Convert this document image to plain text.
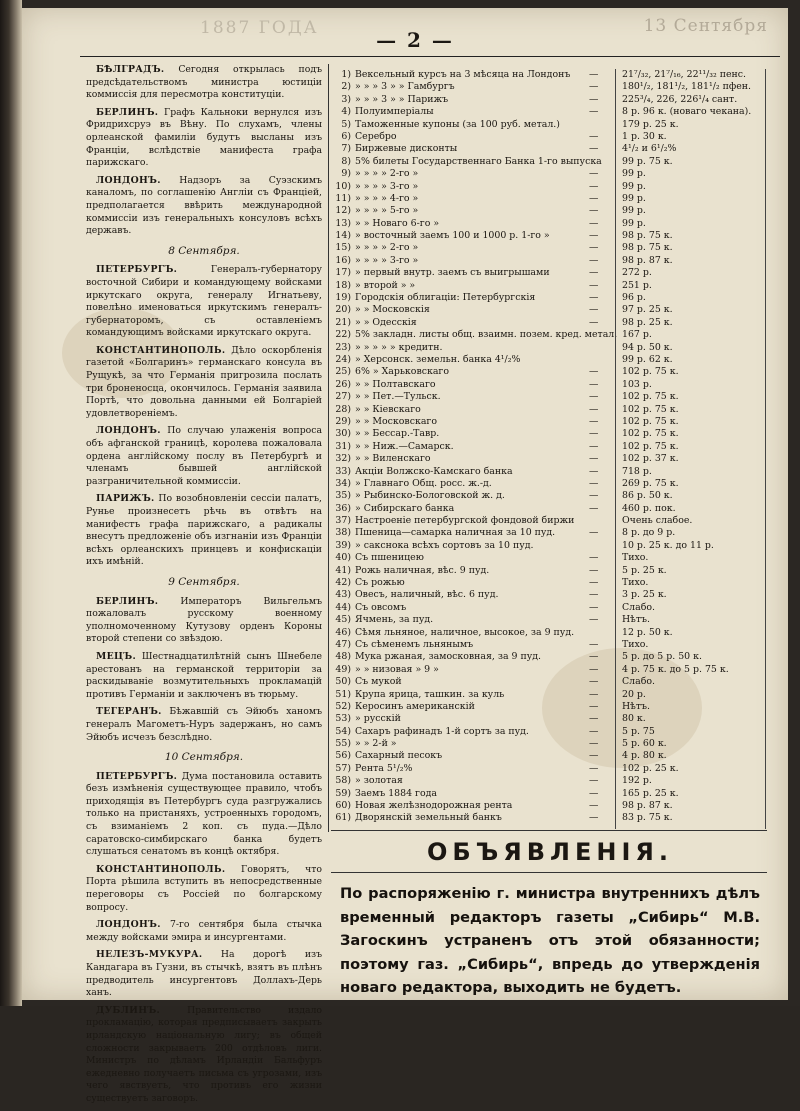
1887 ГОДА	13 Сентября
— 2 —

БѢЛГРАДЪ. Сегодня открылась подъ предсѣдательствомъ министра юстиціи коммиссія для пересмотра конституціи.

БЕРЛИНЪ. Графъ Кальноки вернулся изъ Фридрихсруэ въ Вѣну. По слухамъ, члены орлеанской фамиліи будутъ высланы изъ Франціи, вслѣдствіе манифеста графа парижскаго.

ЛОНДОНЪ. Надзоръ за Суэзскимъ каналомъ, по соглашенію Англіи съ Франціей, предполагается ввѣрить международной коммиссіи изъ генеральныхъ консуловъ всѣхъ державъ.

8 Сентября.

ПЕТЕРБУРГЪ. Генералъ-губернатору восточной Сибири и командующему войсками иркутскаго округа, генералу Игнатьеву, повелѣно именоваться иркутскимъ генералъ-губернаторомъ, съ оставленіемъ командующимъ войсками иркутскаго округа.

КОНСТАНТИНОПОЛЬ. Дѣло оскорбленія газетой «Болгаринъ» германскаго консула въ Рущукѣ, за что Германія пригрозила послать три броненосца, окончилось. Германія заявила Портѣ, что довольна данными ей Болгаріей удовлетвореніемъ.

ЛОНДОНЪ. По случаю улаженія вопроса объ афганской границѣ, королева пожаловала ордена англійскому послу въ Петербургѣ и членамъ бывшей англійской разграничительной коммиссіи.

ПАРИЖЪ. По возобновленіи сессіи палатъ, Рунье произнесетъ рѣчь въ отвѣтъ на манифестъ графа парижскаго, а радикалы внесутъ предложеніе объ изгнаніи изъ Франціи всѣхъ орлеанскихъ принцевъ и конфискаціи ихъ имѣній.

9 Сентября.

БЕРЛИНЪ. Императоръ Вильгельмъ пожаловалъ русскому военному уполномоченному Кутузову орденъ Короны второй степени со звѣздою.

МЕЦЪ. Шестнадцатилѣтній сынъ Шнебеле арестованъ на германской территоріи за раскидываніе возмутительныхъ прокламацій противъ Германіи и заключенъ въ тюрьму.

ТЕГЕРАНЪ. Бѣжавшій съ Эйюбъ ханомъ генералъ Магометъ-Нуръ задержанъ, но самъ Эйюбъ исчезъ безслѣдно.

10 Сентября.

ПЕТЕРБУРГЪ. Дума постановила оставить безъ измѣненія существующее правило, чтобъ приходящія въ Петербургъ суда разгружались только на пристаняхъ, устроенныхъ городомъ, съ взиманіемъ 2 коп. съ пуда.—Дѣло саратовско-симбирскаго банка будетъ слушаться сенатомъ въ концѣ октября.

КОНСТАНТИНОПОЛЬ. Говорятъ, что Порта рѣшила вступить въ непосредственные переговоры съ Россіей по болгарскому вопросу.

ЛОНДОНЪ. 7-го сентября была стычка между войсками эмира и инсургентами.

НЕЛЕЗЪ-МУКУРА. На дорогѣ изъ Кандагара въ Гузни, въ стычкѣ, взятъ въ плѣнъ предводитель инсургентовъ Доллахъ-Дерь ханъ.

ДУБЛИНЪ. Правительство издало прокламацію, которая предписываетъ закрыть ирландскую національную лигу; въ общей сложности закрываетъ 200 отдѣловъ лиги. Министръ по дѣламъ Ирландіи Бальфуръ ежедневно получаетъ письма съ угрозами, изъ чего явствуетъ, что противъ его жизни существуетъ заговоръ.

1) Вексельный курсъ на 3 мѣсяца на Лондонъ	—	21⁷/₃₂, 21⁷/₁₆, 22¹¹/₃₂ пенс.
2) » » » 3 » » Гамбургъ	—	180¹/₂, 181¹/₂, 181¹/₂ пфен.
3) » » » 3 » » Парижъ	—	225³/₄, 226, 226¹/₄ сант.
4) Полуимперіалы	—	8 р. 96 к. (новаго чекана).
5) Таможенные купоны (за 100 руб. метал.)	179 р. 25 к.
6) Серебро	—	1 р. 30 к.
7) Биржевые дисконты	—	4¹/₂ и 6¹/₂%
8) 5% билеты Государственнаго Банка 1-го выпуска 99 р. 75 к.
9) » » » » 2-го »	—	99 р.
10) » » » » 3-го »	—	99 р.
11) » » » » 4-го »	—	99 р.
12) » » » » 5-го »	—	99 р.
13) » » Новаго 6-го »	—	99 р.
14) » восточный заемъ 100 и 1000 р. 1-го »	—	98 р. 75 к.
15) » » » » 2-го »	—	98 р. 75 к.
16) » » » » 3-го »	—	98 р. 87 к.
17) » первый внутр. заемъ съ выигрышами	—	272 р.
18) » второй » »	—	251 р.
19) Городскія облигаціи: Петербургскія	—	96 р.
20) » » Московскія	—	97 р. 25 к.
21) » » Одесскія	—	98 р. 25 к.
22) 5% закладн. листы общ. взаимн. позем. кред. метал. 167 р.
23) » » » » » кредитн.	94 р. 50 к.
24) » Херсонск. земельн. банка 4¹/₂%	99 р. 62 к.
25) 6% » Харьковскаго	—	102 р. 75 к.
26) » » Полтавскаго	—	103 р.
27) » » Пет.—Тульск.	—	102 р. 75 к.
28) » » Кіевскаго	—	102 р. 75 к.
29) » » Московскаго	—	102 р. 75 к.
30) » » Бессар.-Тавр.	—	102 р. 75 к.
31) » » Ниж.—Самарск.	—	102 р. 75 к.
32) » » Виленскаго	—	102 р. 37 к.
33) Акціи Волжско-Камскаго банка	—	718 р.
34) » Главнаго Общ. росс. ж.-д.	—	269 р. 75 к.
35) » Рыбинско-Бологовской ж. д.	—	86 р. 50 к.
36) » Сибирскаго банка	—	460 р. пок.
37) Настроеніе петербургской фондовой биржи	Очень слабое.
38) Пшеница—самарка наличная за 10 пуд.	—	8 р. до 9 р.
39) » сакснока всѣхъ сортовъ за 10 пуд.	10 р. 25 к. до 11 р.
40) Съ пшеницею	—	Тихо.
41) Рожь наличная, вѣс. 9 пуд.	—	5 р. 25 к.
42) Съ рожью	—	Тихо.
43) Овесъ, наличный, вѣс. 6 пуд.	—	3 р. 25 к.
44) Съ овсомъ	—	Слабо.
45) Ячмень, за пуд.	—	Нѣтъ.
46) Сѣмя льняное, наличное, высокое, за 9 пуд.	12 р. 50 к.
47) Съ сѣменемъ льнянымъ	—	Тихо.
48) Мука ржаная, замосковная, за 9 пуд.	—	5 р. до 5 р. 50 к.
49) » » низовая » 9 »	—	4 р. 75 к. до 5 р. 75 к.
50) Съ мукой	—	Слабо.
51) Крупа ярица, ташкин. за куль	—	20 р.
52) Керосинъ американскій	—	Нѣтъ.
53) » русскій	—	80 к.
54) Сахаръ рафинадъ 1-й сортъ за пуд.	—	5 р. 75
55) » » 2-й »	—	5 р. 60 к.
56) Сахарный песокъ	—	4 р. 80 к.
57) Рента 5¹/₂%	—	102 р. 25 к.
58) » золотая	—	192 р.
59) Заемъ 1884 года	—	165 р. 25 к.
60) Новая желѣзнодорожная рента	—	98 р. 87 к.
61) Дворянскій земельный банкъ	—	83 р. 75 к.
ОБЪЯВЛЕНІЯ.
По распоряженію г. министра внутреннихъ дѣлъ временный редакторъ газеты „Сибирь“ М.В. Загоскинъ устраненъ отъ этой обязанности; поэтому газ. „Сибирь“, впредь до утвержденія новаго редактора, выходить не будетъ.
